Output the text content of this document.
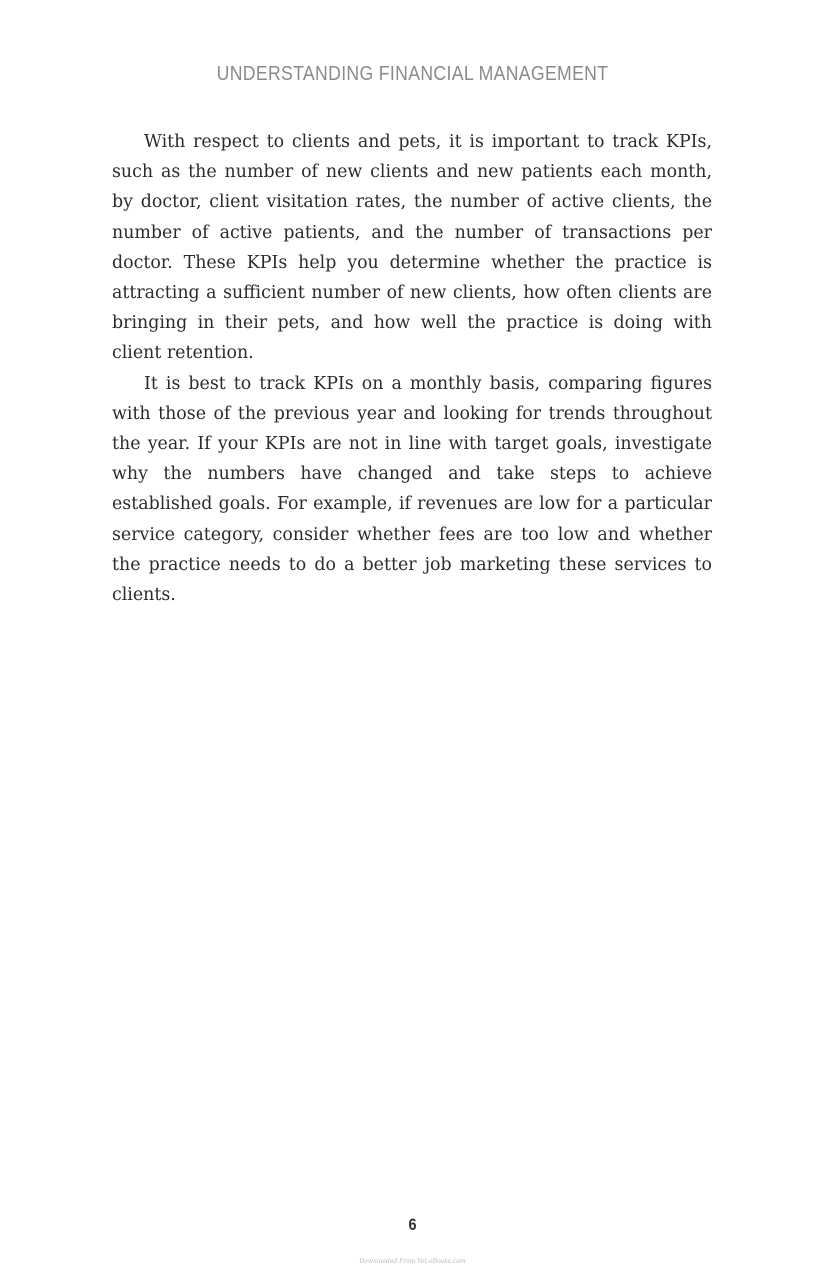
UNDERSTANDING FINANCIAL MANAGEMENT

With respect to clients and pets, it is important to track KPIs, such as the number of new clients and new patients each month, by doctor, client visitation rates, the number of active clients, the number of active patients, and the number of transactions per doctor. These KPIs help you determine whether the practice is attracting a sufficient number of new clients, how often clients are bringing in their pets, and how well the practice is doing with client retention.

It is best to track KPIs on a monthly basis, comparing figures with those of the previous year and looking for trends throughout the year. If your KPIs are not in line with target goals, investigate why the numbers have changed and take steps to achieve established goals. For example, if revenues are low for a particular service category, consider whether fees are too low and whether the practice needs to do a better job marketing these services to clients.

6
Downloaded From Vet-eBooks.com
